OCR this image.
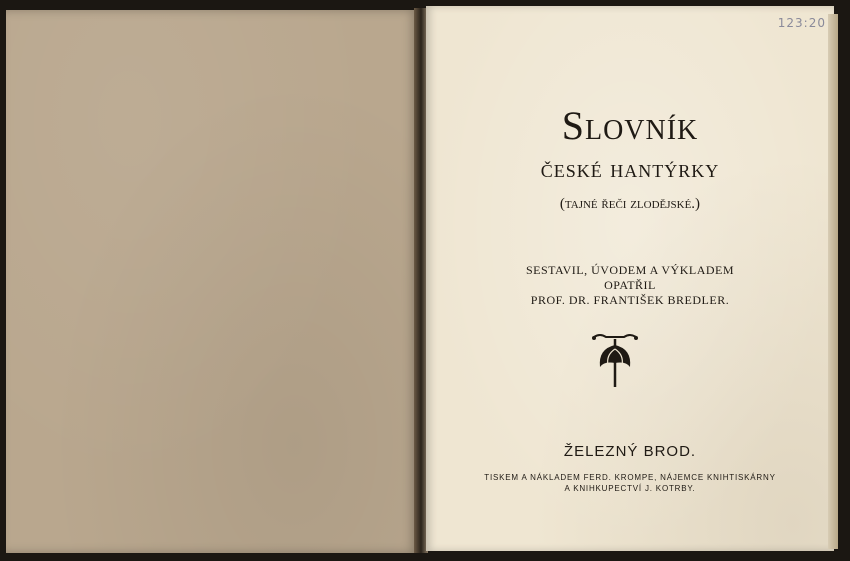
123:20
Slovník
české hantýrky
(tajné řeči zlodějské.)
SESTAVIL, ÚVODEM A VÝKLADEM
OPATŘIL
PROF. DR. FRANTIŠEK BREDLER.
ŽELEZNÝ BROD.
TISKEM A NÁKLADEM FERD. KROMPE, NÁJEMCE KNIHTISKÁRNY
A KNIHKUPECTVÍ J. KOTRBY.
